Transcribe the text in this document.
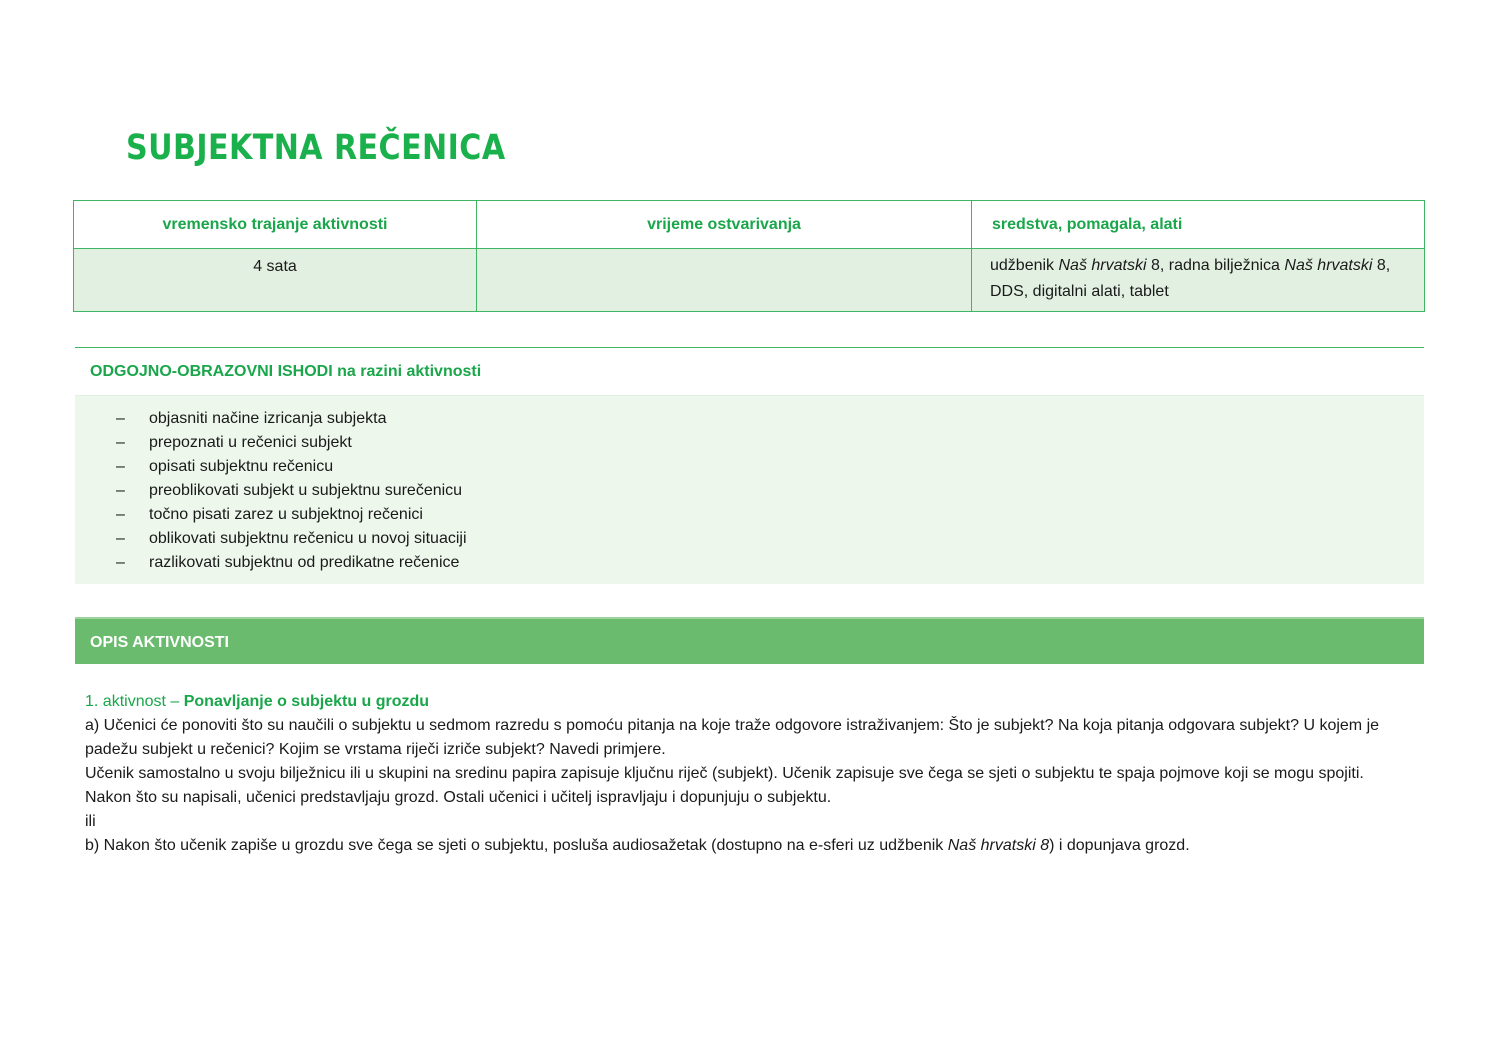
SUBJEKTNA REČENICA
vremensko trajanje aktivnosti	vrijeme ostvarivanja	sredstva, pomagala, alati
4 sata		udžbenik Naš hrvatski 8, radna bilježnica Naš hrvatski 8, DDS, digitalni alati, tablet
ODGOJNO-OBRAZOVNI ISHODI na razini aktivnosti
– objasniti načine izricanja subjekta
– prepoznati u rečenici subjekt
– opisati subjektnu rečenicu
– preoblikovati subjekt u subjektnu surečenicu
– točno pisati zarez u subjektnoj rečenici
– oblikovati subjektnu rečenicu u novoj situaciji
– razlikovati subjektnu od predikatne rečenice
OPIS AKTIVNOSTI

1. aktivnost – Ponavljanje o subjektu u grozdu

a) Učenici će ponoviti što su naučili o subjektu u sedmom razredu s pomoću pitanja na koje traže odgovore istraživanjem: Što je subjekt? Na koja pitanja odgovara subjekt? U kojem je padežu subjekt u rečenici? Kojim se vrstama riječi izriče subjekt? Navedi primjere.

Učenik samostalno u svoju bilježnicu ili u skupini na sredinu papira zapisuje ključnu riječ (subjekt). Učenik zapisuje sve čega se sjeti o subjektu te spaja pojmove koji se mogu spojiti.

Nakon što su napisali, učenici predstavljaju grozd. Ostali učenici i učitelj ispravljaju i dopunjuju o subjektu.

ili

b) Nakon što učenik zapiše u grozdu sve čega se sjeti o subjektu, posluša audiosažetak (dostupno na e-sferi uz udžbenik Naš hrvatski 8) i dopunjava grozd.
